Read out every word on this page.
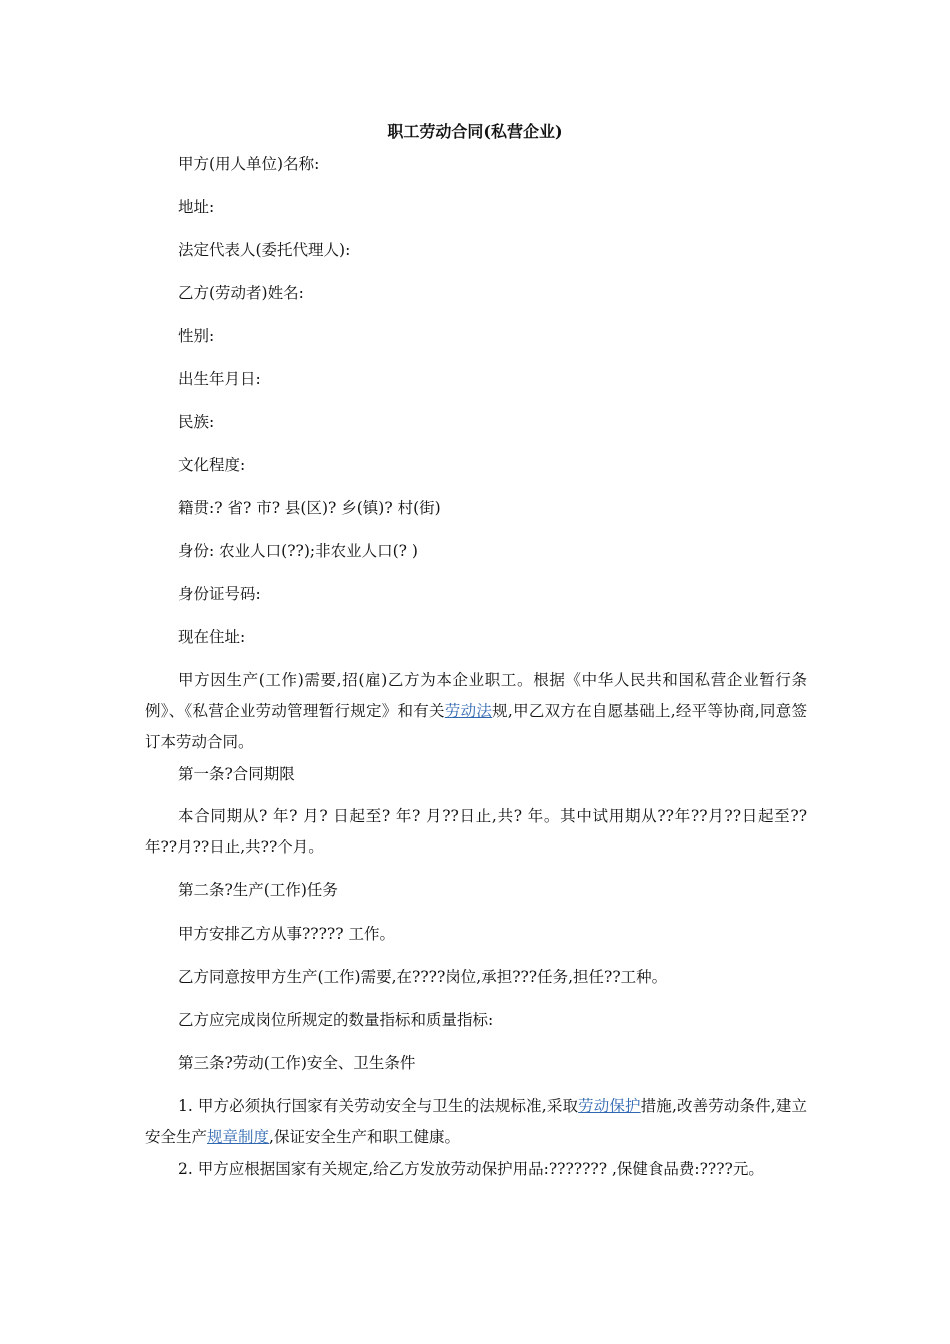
职工劳动合同(私营企业)
甲方(用人单位)名称:
地址:
法定代表人(委托代理人):
乙方(劳动者)姓名:
性别:
出生年月日:
民族:
文化程度:
籍贯:? 省? 市? 县(区)? 乡(镇)? 村(街)
身份: 农业人口(??);非农业人口(? )
身份证号码:
现在住址:
甲方因生产(工作)需要,招(雇)乙方为本企业职工。根据《中华人民共和国私营企业暂行条例》、《私营企业劳动管理暂行规定》和有关劳动法规,甲乙双方在自愿基础上,经平等协商,同意签订本劳动合同。
第一条?合同期限
本合同期从? 年? 月? 日起至? 年? 月??日止,共? 年。其中试用期从??年??月??日起至??年??月??日止,共??个月。
第二条?生产(工作)任务
甲方安排乙方从事????? 工作。
乙方同意按甲方生产(工作)需要,在????岗位,承担???任务,担任??工种。
乙方应完成岗位所规定的数量指标和质量指标:
第三条?劳动(工作)安全、卫生条件
1. 甲方必须执行国家有关劳动安全与卫生的法规标准,采取劳动保护措施,改善劳动条件,建立安全生产规章制度,保证安全生产和职工健康。
2. 甲方应根据国家有关规定,给乙方发放劳动保护用品:??????? ,保健食品费:????元。
